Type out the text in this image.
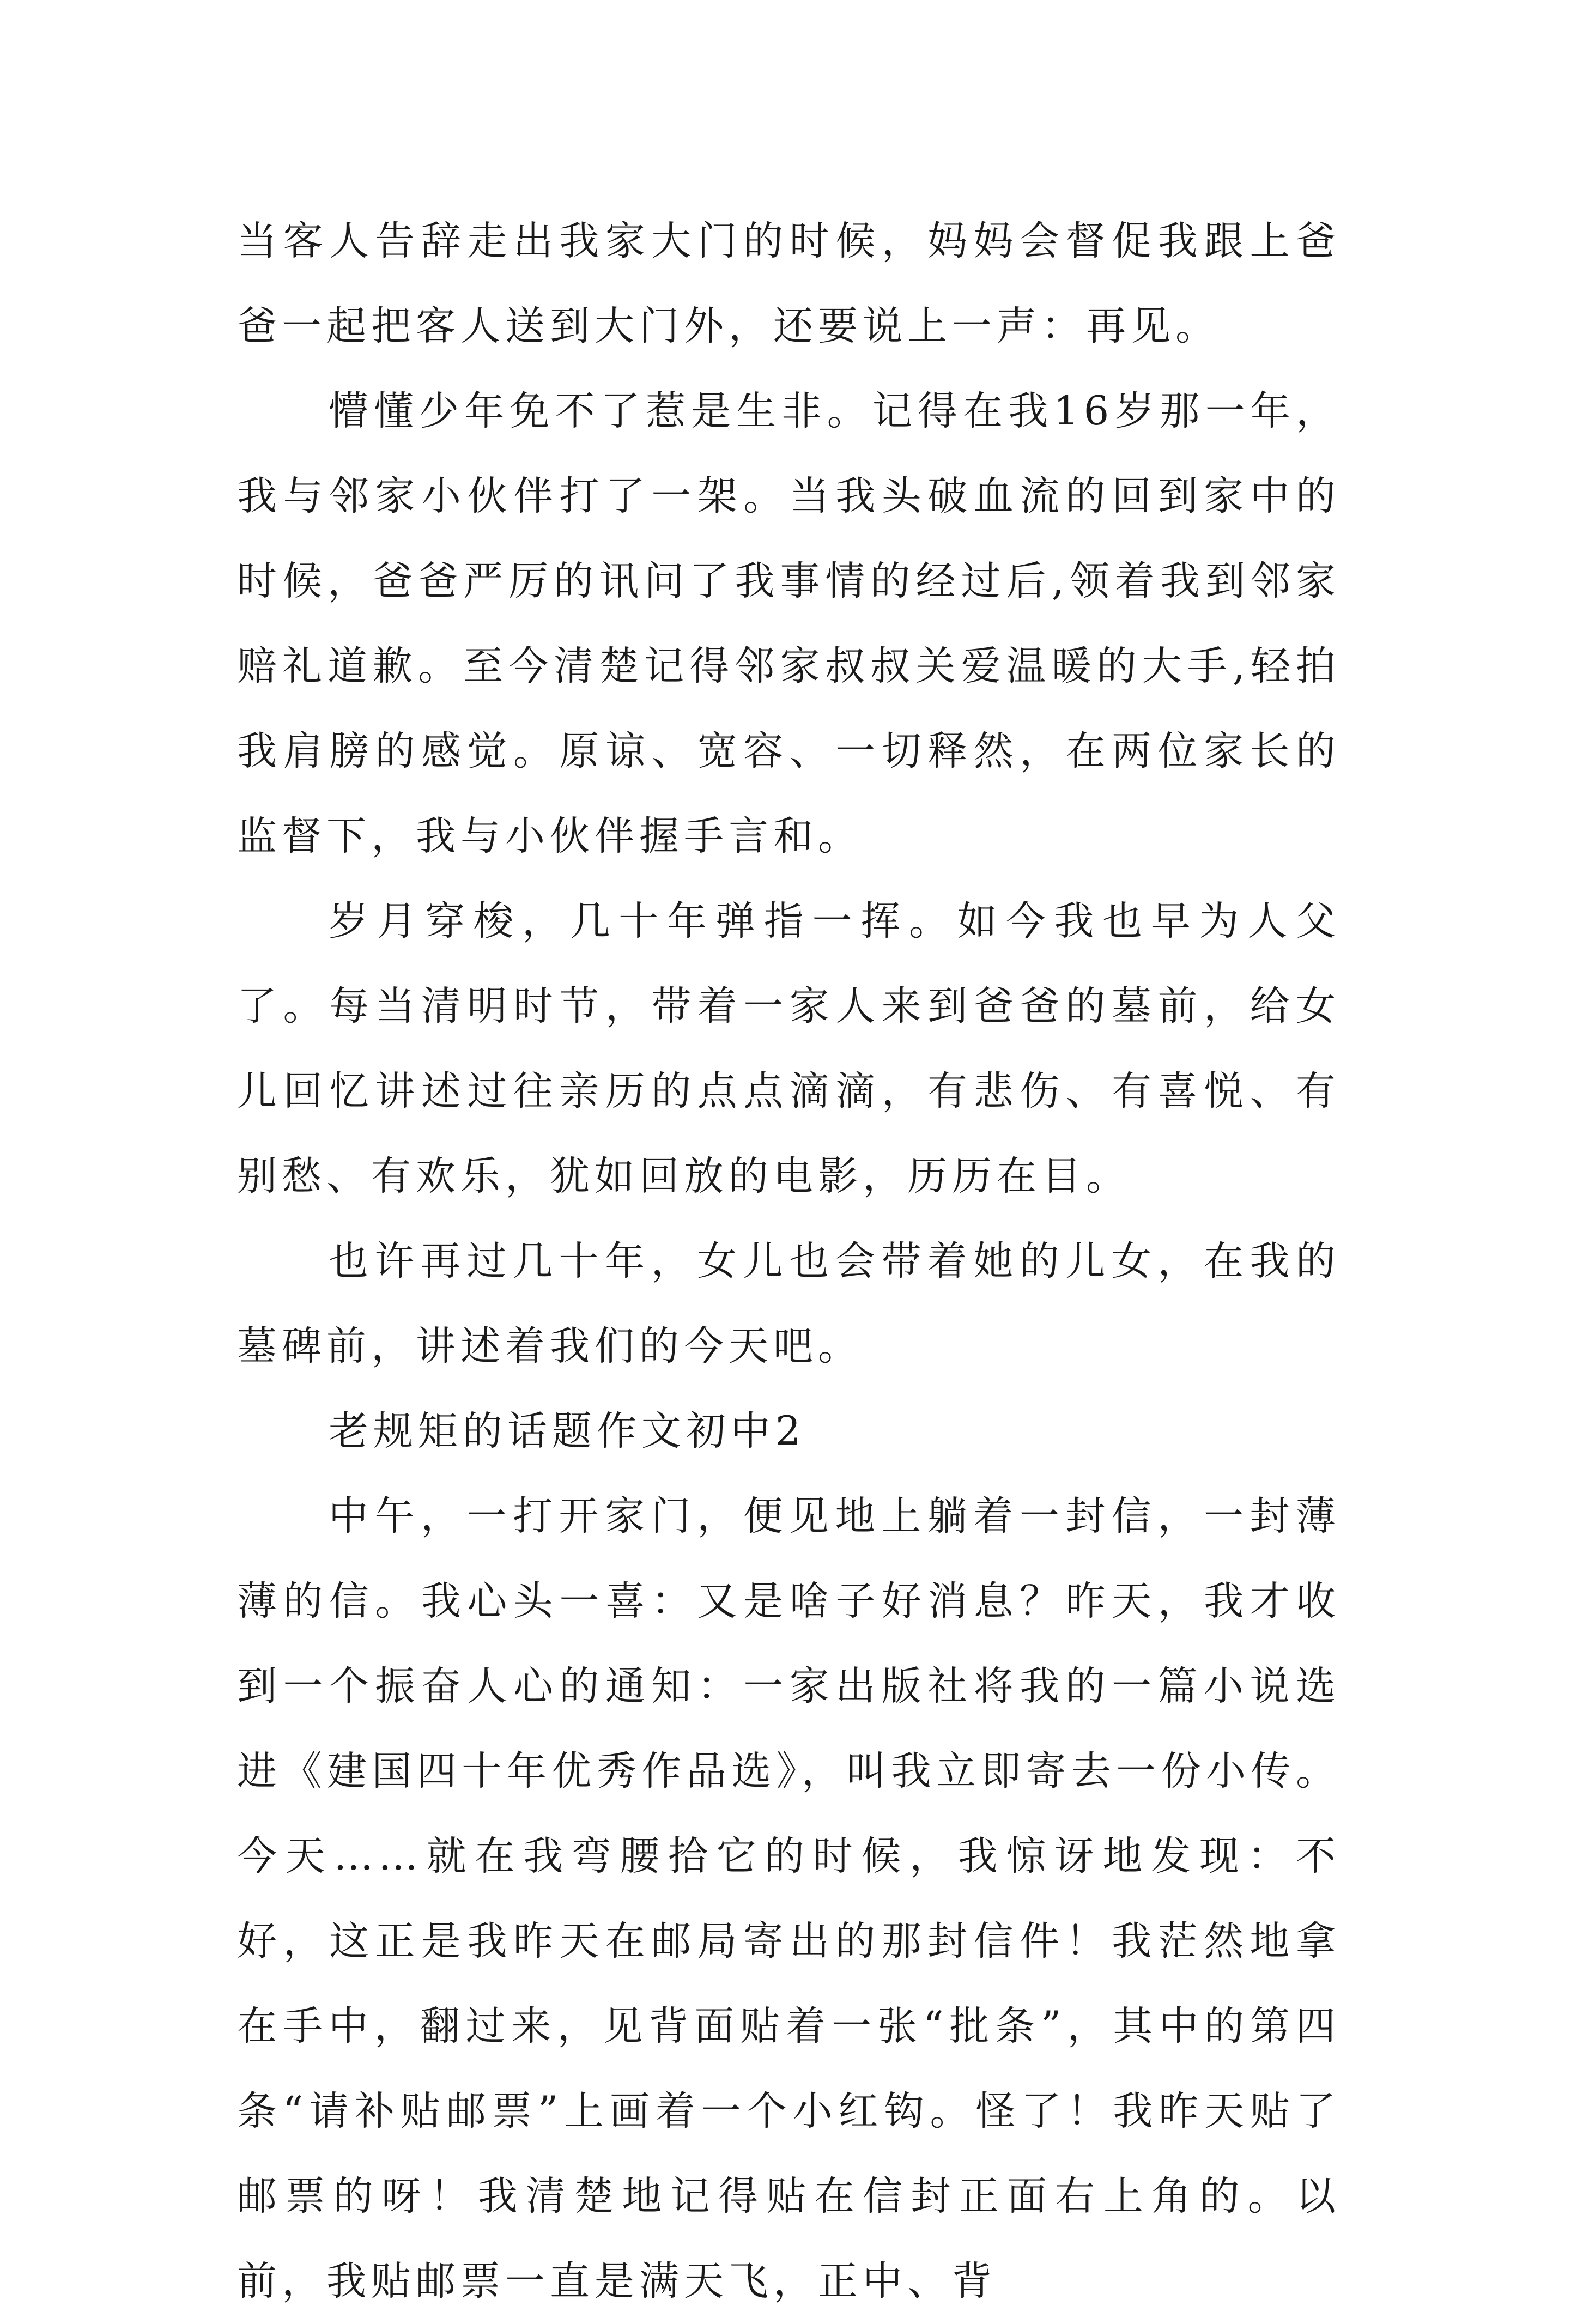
当客人告辞走出我家大门的时候，妈妈会督促我跟上爸爸一起把客人送到大门外，还要说上一声：再见。

懵懂少年免不了惹是生非。记得在我16岁那一年，我与邻家小伙伴打了一架。当我头破血流的回到家中的时候，爸爸严厉的讯问了我事情的经过后,领着我到邻家赔礼道歉。至今清楚记得邻家叔叔关爱温暖的大手,轻拍我肩膀的感觉。原谅、宽容、一切释然，在两位家长的监督下，我与小伙伴握手言和。

岁月穿梭，几十年弹指一挥。如今我也早为人父了。每当清明时节，带着一家人来到爸爸的墓前，给女儿回忆讲述过往亲历的点点滴滴，有悲伤、有喜悦、有别愁、有欢乐，犹如回放的电影，历历在目。

也许再过几十年，女儿也会带着她的儿女，在我的墓碑前，讲述着我们的今天吧。

老规矩的话题作文初中2

中午，一打开家门，便见地上躺着一封信，一封薄薄的信。我心头一喜：又是啥子好消息？昨天，我才收到一个振奋人心的通知：一家出版社将我的一篇小说选进《建国四十年优秀作品选》，叫我立即寄去一份小传。今天……就在我弯腰拾它的时候，我惊讶地发现：不好，这正是我昨天在邮局寄出的那封信件！我茫然地拿在手中，翻过来，见背面贴着一张“批条”，其中的第四条“请补贴邮票”上画着一个小红钩。怪了！我昨天贴了邮票的呀！我清楚地记得贴在信封正面右上角的。以前，我贴邮票一直是满天飞，正中、背
